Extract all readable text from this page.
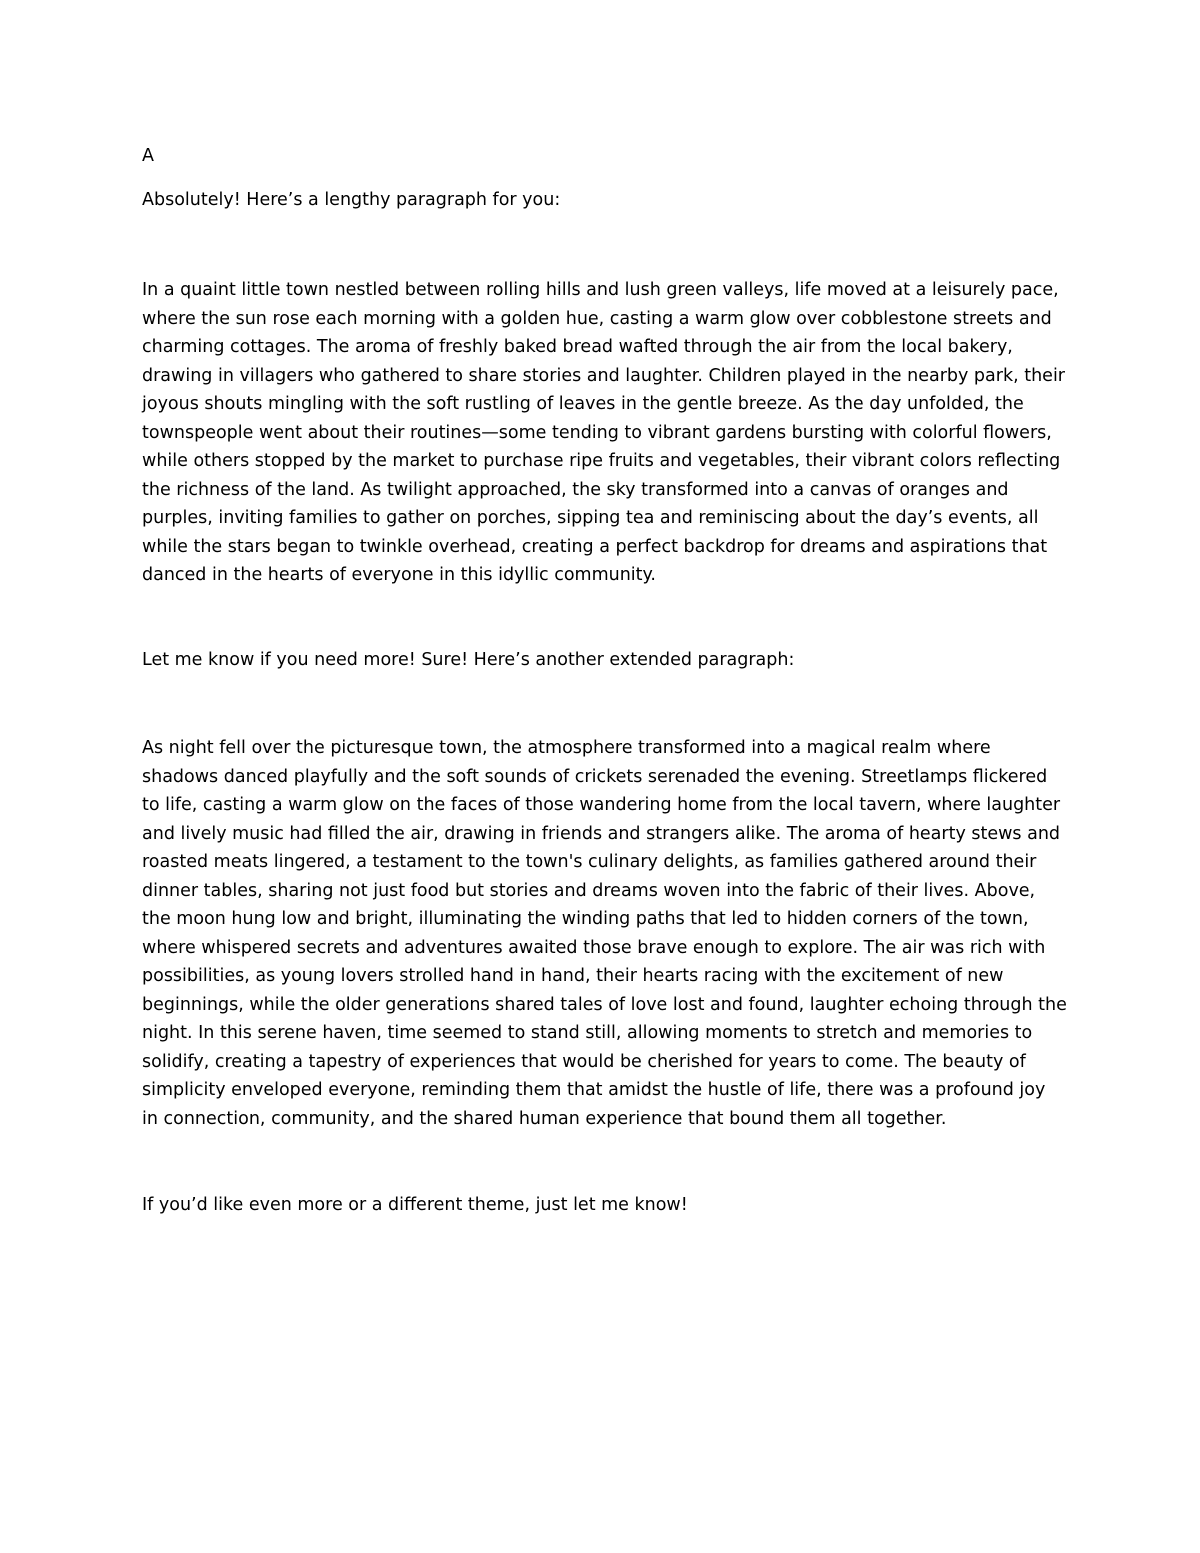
A

Absolutely! Here’s a lengthy paragraph for you:

In a quaint little town nestled between rolling hills and lush green valleys, life moved at a leisurely pace,
where the sun rose each morning with a golden hue, casting a warm glow over cobblestone streets and
charming cottages. The aroma of freshly baked bread wafted through the air from the local bakery,
drawing in villagers who gathered to share stories and laughter. Children played in the nearby park, their
joyous shouts mingling with the soft rustling of leaves in the gentle breeze. As the day unfolded, the
townspeople went about their routines—some tending to vibrant gardens bursting with colorful flowers,
while others stopped by the market to purchase ripe fruits and vegetables, their vibrant colors reflecting
the richness of the land. As twilight approached, the sky transformed into a canvas of oranges and
purples, inviting families to gather on porches, sipping tea and reminiscing about the day’s events, all
while the stars began to twinkle overhead, creating a perfect backdrop for dreams and aspirations that
danced in the hearts of everyone in this idyllic community.

Let me know if you need more! Sure! Here’s another extended paragraph:

As night fell over the picturesque town, the atmosphere transformed into a magical realm where
shadows danced playfully and the soft sounds of crickets serenaded the evening. Streetlamps flickered
to life, casting a warm glow on the faces of those wandering home from the local tavern, where laughter
and lively music had filled the air, drawing in friends and strangers alike. The aroma of hearty stews and
roasted meats lingered, a testament to the town's culinary delights, as families gathered around their
dinner tables, sharing not just food but stories and dreams woven into the fabric of their lives. Above,
the moon hung low and bright, illuminating the winding paths that led to hidden corners of the town,
where whispered secrets and adventures awaited those brave enough to explore. The air was rich with
possibilities, as young lovers strolled hand in hand, their hearts racing with the excitement of new
beginnings, while the older generations shared tales of love lost and found, laughter echoing through the
night. In this serene haven, time seemed to stand still, allowing moments to stretch and memories to
solidify, creating a tapestry of experiences that would be cherished for years to come. The beauty of
simplicity enveloped everyone, reminding them that amidst the hustle of life, there was a profound joy
in connection, community, and the shared human experience that bound them all together.

If you’d like even more or a different theme, just let me know!
